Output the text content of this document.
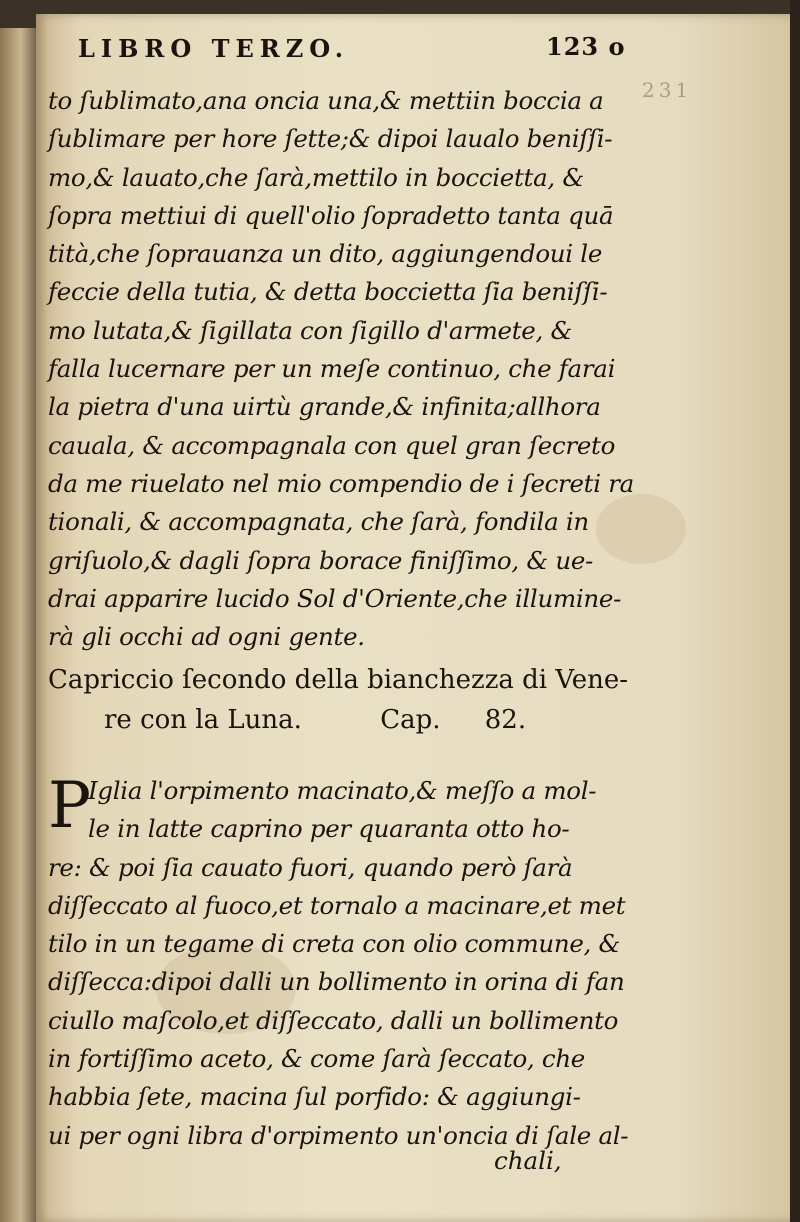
LIBRO TERZO.	123 o
231
to ſublimato,ana oncia una,& mettiin boccia a
ſublimare per hore ſette;& dipoi laualo beniſſi-
mo,& lauato,che ſarà,mettilo in boccietta, &
ſopra mettiui di quell'olio ſopradetto tanta quā
tità,che ſoprauanza un dito, aggiungendoui le
feccie della tutia, & detta boccietta ſia beniſſi-
mo lutata,& ſigillata con ſigillo d'armete, &
falla lucernare per un meſe continuo, che farai
la pietra d'una uirtù grande,& infinita;allhora
cauala, & accompagnala con quel gran ſecreto
da me riuelato nel mio compendio de i ſecreti ra
tionali, & accompagnata, che ſarà, fondila in
griſuolo,& dagli ſopra borace finiſſimo, & ue-
drai apparire lucido Sol d'Oriente,che illumine-
rà gli occhi ad ogni gente.
Capriccio ſecondo della bianchezza di Vene-
re con la Luna.	Cap. 82.
P
Iglia l'orpimento macinato,& meſſo a mol-
le in latte caprino per quaranta otto ho-
re: & poi ſia cauato fuori, quando però ſarà
diſſeccato al fuoco,et tornalo a macinare,et met
tilo in un tegame di creta con olio commune, &
diſſecca:dipoi dalli un bollimento in orina di fan
ciullo maſcolo,et diſſeccato, dalli un bollimento
in fortiſſimo aceto, & come ſarà ſeccato, che
habbia ſete, macina ſul porfido: & aggiungi-
ui per ogni libra d'orpimento un'oncia di ſale al-
chali,
